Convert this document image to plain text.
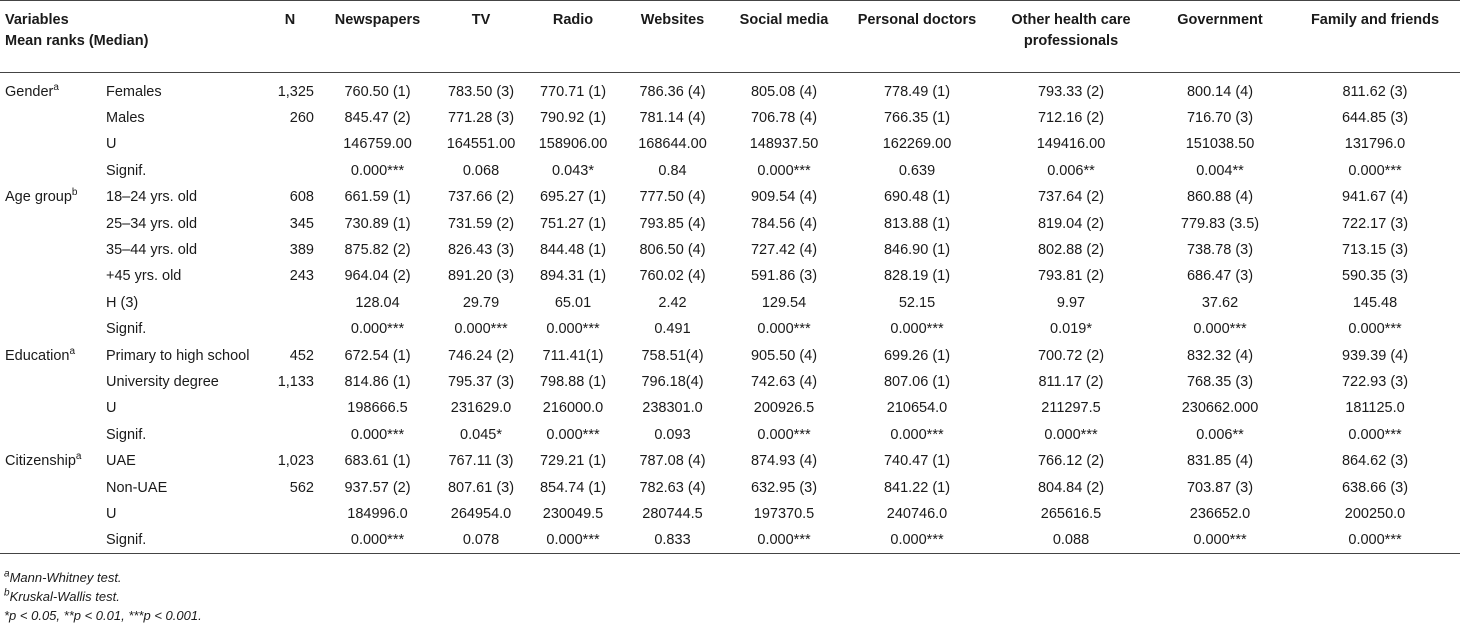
Variables
Mean ranks (Median)		N	Newspapers	TV	Radio	Websites	Social media	Personal doctors	Other health care professionals	Government	Family and friends
Gender$^a$	Females	1,325	760.50 (1)	783.50 (3)	770.71 (1)	786.36 (4)	805.08 (4)	778.49 (1)	793.33 (2)	800.14 (4)	811.62 (3)
	Males	260	845.47 (2)	771.28 (3)	790.92 (1)	781.14 (4)	706.78 (4)	766.35 (1)	712.16 (2)	716.70 (3)	644.85 (3)
	U		146759.00	164551.00	158906.00	168644.00	148937.50	162269.00	149416.00	151038.50	131796.0
	Signif.		0.000***	0.068	0.043*	0.84	0.000***	0.639	0.006**	0.004**	0.000***
Age group$^b$	18–24 yrs. old	608	661.59 (1)	737.66 (2)	695.27 (1)	777.50 (4)	909.54 (4)	690.48 (1)	737.64 (2)	860.88 (4)	941.67 (4)
	25–34 yrs. old	345	730.89 (1)	731.59 (2)	751.27 (1)	793.85 (4)	784.56 (4)	813.88 (1)	819.04 (2)	779.83 (3.5)	722.17 (3)
	35–44 yrs. old	389	875.82 (2)	826.43 (3)	844.48 (1)	806.50 (4)	727.42 (4)	846.90 (1)	802.88 (2)	738.78 (3)	713.15 (3)
	+45 yrs. old	243	964.04 (2)	891.20 (3)	894.31 (1)	760.02 (4)	591.86 (3)	828.19 (1)	793.81 (2)	686.47 (3)	590.35 (3)
	H (3)		128.04	29.79	65.01	2.42	129.54	52.15	9.97	37.62	145.48
	Signif.		0.000***	0.000***	0.000***	0.491	0.000***	0.000***	0.019*	0.000***	0.000***
Education$^a$	Primary to high school	452	672.54 (1)	746.24 (2)	711.41(1)	758.51(4)	905.50 (4)	699.26 (1)	700.72 (2)	832.32 (4)	939.39 (4)
	University degree	1,133	814.86 (1)	795.37 (3)	798.88 (1)	796.18(4)	742.63 (4)	807.06 (1)	811.17 (2)	768.35 (3)	722.93 (3)
	U		198666.5	231629.0	216000.0	238301.0	200926.5	210654.0	211297.5	230662.000	181125.0
	Signif.		0.000***	0.045*	0.000***	0.093	0.000***	0.000***	0.000***	0.006**	0.000***
Citizenship$^a$	UAE	1,023	683.61 (1)	767.11 (3)	729.21 (1)	787.08 (4)	874.93 (4)	740.47 (1)	766.12 (2)	831.85 (4)	864.62 (3)
	Non-UAE	562	937.57 (2)	807.61 (3)	854.74 (1)	782.63 (4)	632.95 (3)	841.22 (1)	804.84 (2)	703.87 (3)	638.66 (3)
	U		184996.0	264954.0	230049.5	280744.5	197370.5	240746.0	265616.5	236652.0	200250.0
	Signif.		0.000***	0.078	0.000***	0.833	0.000***	0.000***	0.088	0.000***	0.000***
$^a$Mann-Whitney test.
$^b$Kruskal-Wallis test.
*p < 0.05, **p < 0.01, ***p < 0.001.
